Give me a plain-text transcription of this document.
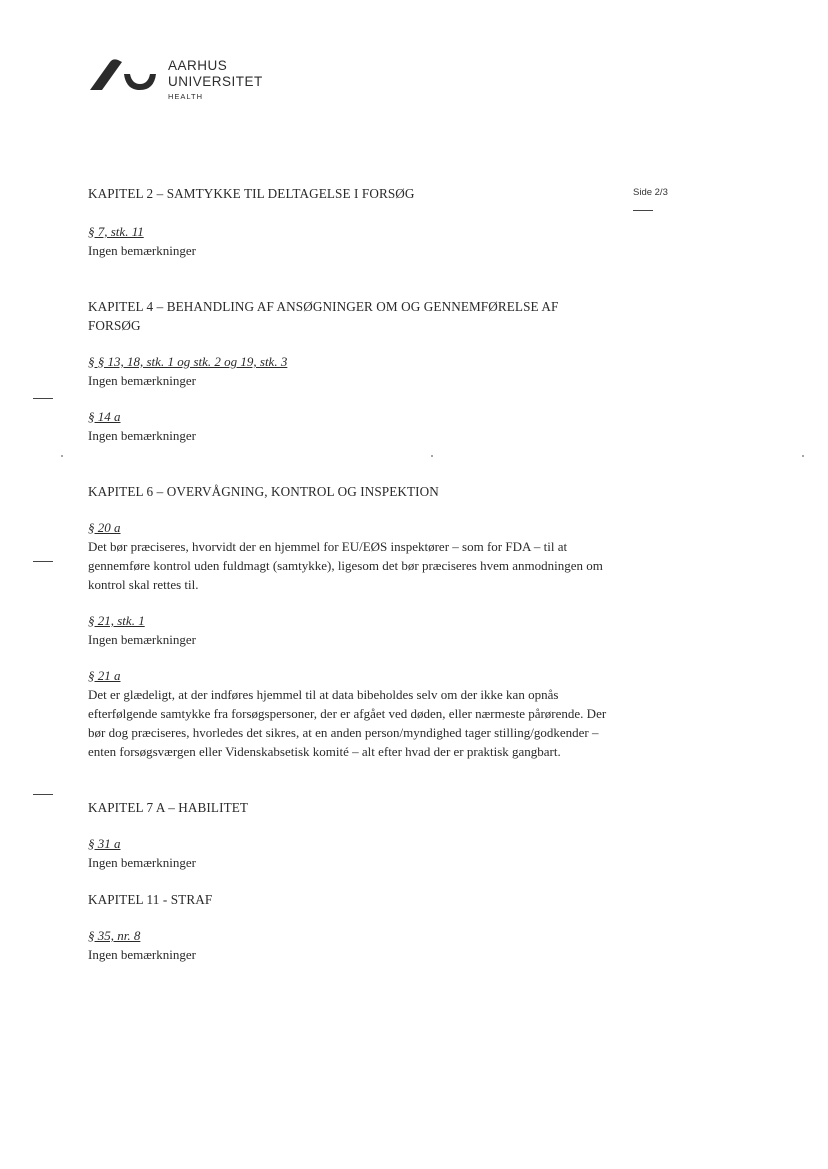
AARHUS
UNIVERSITET
HEALTH
Side 2/3

KAPITEL 2 – SAMTYKKE TIL DELTAGELSE I FORSØG

§ 7, stk. 11

Ingen bemærkninger

KAPITEL 4 – BEHANDLING AF ANSØGNINGER OM OG GENNEMFØRELSE AF FORSØG

§ § 13, 18, stk. 1 og stk. 2 og 19, stk. 3

Ingen bemærkninger

§ 14 a

Ingen bemærkninger

KAPITEL 6 – OVERVÅGNING, KONTROL OG INSPEKTION

§ 20 a

Det bør præciseres, hvorvidt der en hjemmel for EU/EØS inspektører – som for FDA – til at gennemføre kontrol uden fuldmagt (samtykke), ligesom det bør præciseres hvem anmodningen om kontrol skal rettes til.

§ 21, stk. 1

Ingen bemærkninger

§ 21 a

Det er glædeligt, at der indføres hjemmel til at data bibeholdes selv om der ikke kan opnås efterfølgende samtykke fra forsøgspersoner, der er afgået ved døden, eller nærmeste pårørende. Der bør dog præciseres, hvorledes det sikres, at en anden person/myndighed tager stilling/godkender – enten forsøgsværgen eller Videnskabsetisk komité – alt efter hvad der er praktisk gangbart.

KAPITEL 7 A – HABILITET

§ 31 a

Ingen bemærkninger

KAPITEL 11 - STRAF

§ 35, nr. 8

Ingen bemærkninger
